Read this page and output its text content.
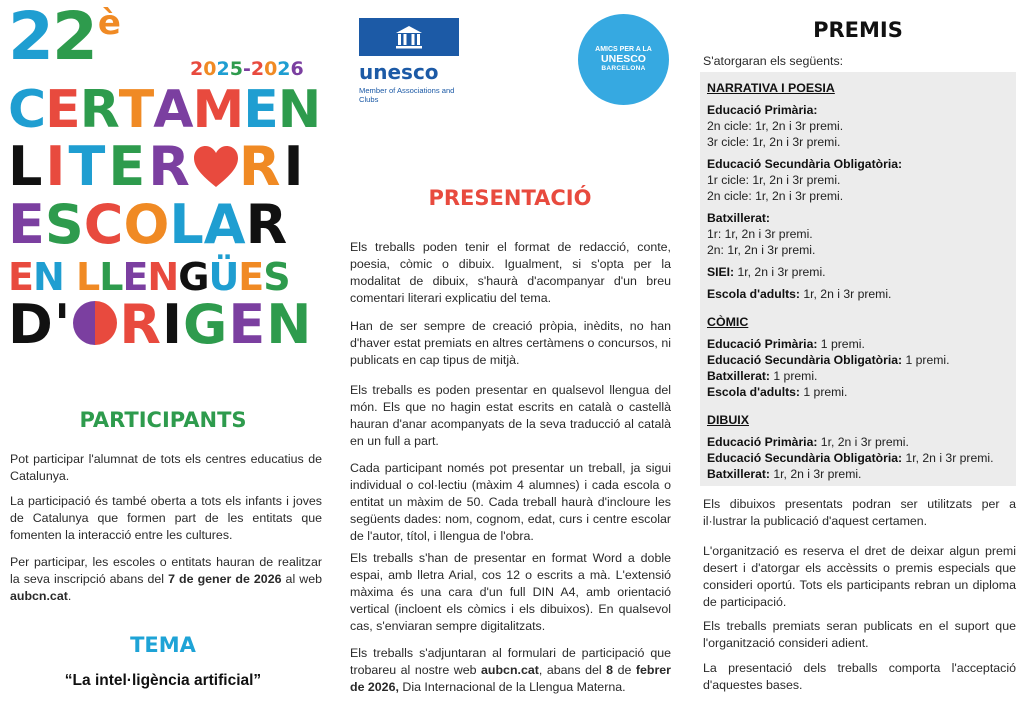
22 è
2025-2026
CERTAMEN
LITER RI
ESCOLAR
EN LLENGÜES
D' RIGEN
PARTICIPANTS

Pot participar l'alumnat de tots els centres educatius de Catalunya.

La participació és també oberta a tots els infants i joves de Catalunya que formen part de les entitats que fomenten la interacció entre les cultures.

Per participar, les escoles o entitats hauran de realitzar la seva inscripció abans del 7 de gener de 2026 al web aubcn.cat.

TEMA
“La intel·ligència artificial”
unesco
Member of Associations and Clubs
AMICS PER A LA
UNESCO
BARCELONA
PRESENTACIÓ

Els treballs poden tenir el format de redacció, conte, poesia, còmic o dibuix. Igualment, si s'opta per la modalitat de dibuix, s'haurà d'acompanyar d'un breu comentari literari explicatiu del tema.

Han de ser sempre de creació pròpia, inèdits, no han d'haver estat premiats en altres certàmens o concursos, ni publicats en cap tipus de mitjà.

Els treballs es poden presentar en qualsevol llengua del món. Els que no hagin estat escrits en català o castellà hauran d'anar acompanyats de la seva traducció al català en un full a part.

Cada participant només pot presentar un treball, ja sigui individual o col·lectiu (màxim 4 alumnes) i cada escola o entitat un màxim de 50. Cada treball haurà d'incloure les següents dades: nom, cognom, edat, curs i centre escolar de l'autor, títol, i llengua de l'obra.

Els treballs s'han de presentar en format Word a doble espai, amb lletra Arial, cos 12 o escrits a mà. L'extensió màxima és una cara d'un full DIN A4, amb orientació vertical (incloent els còmics i els dibuixos). En qualsevol cas, s'enviaran sempre digitalitzats.

Els treballs s'adjuntaran al formulari de participació que trobareu al nostre web aubcn.cat, abans del 8 de febrer de 2026, Dia Internacional de la Llengua Materna.

PREMIS
S'atorgaran els següents:
NARRATIVA I POESIA
Educació Primària:
2n cicle: 1r, 2n i 3r premi.
3r cicle: 1r, 2n i 3r premi.
Educació Secundària Obligatòria:
1r cicle: 1r, 2n i 3r premi.
2n cicle: 1r, 2n i 3r premi.
Batxillerat:
1r: 1r, 2n i 3r premi.
2n: 1r, 2n i 3r premi.
SIEI: 1r, 2n i 3r premi.
Escola d'adults: 1r, 2n i 3r premi.
CÒMIC
Educació Primària: 1 premi.
Educació Secundària Obligatòria: 1 premi.
Batxillerat: 1 premi.
Escola d'adults: 1 premi.
DIBUIX
Educació Primària: 1r, 2n i 3r premi.
Educació Secundària Obligatòria: 1r, 2n i 3r premi.
Batxillerat: 1r, 2n i 3r premi.

Els dibuixos presentats podran ser utilitzats per a il·lustrar la publicació d'aquest certamen.

L'organització es reserva el dret de deixar algun premi desert i d'atorgar els accèssits o premis especials que consideri oportú. Tots els participants rebran un diploma de participació.

Els treballs premiats seran publicats en el suport que l'organització consideri adient.

La presentació dels treballs comporta l'acceptació d'aquestes bases.
